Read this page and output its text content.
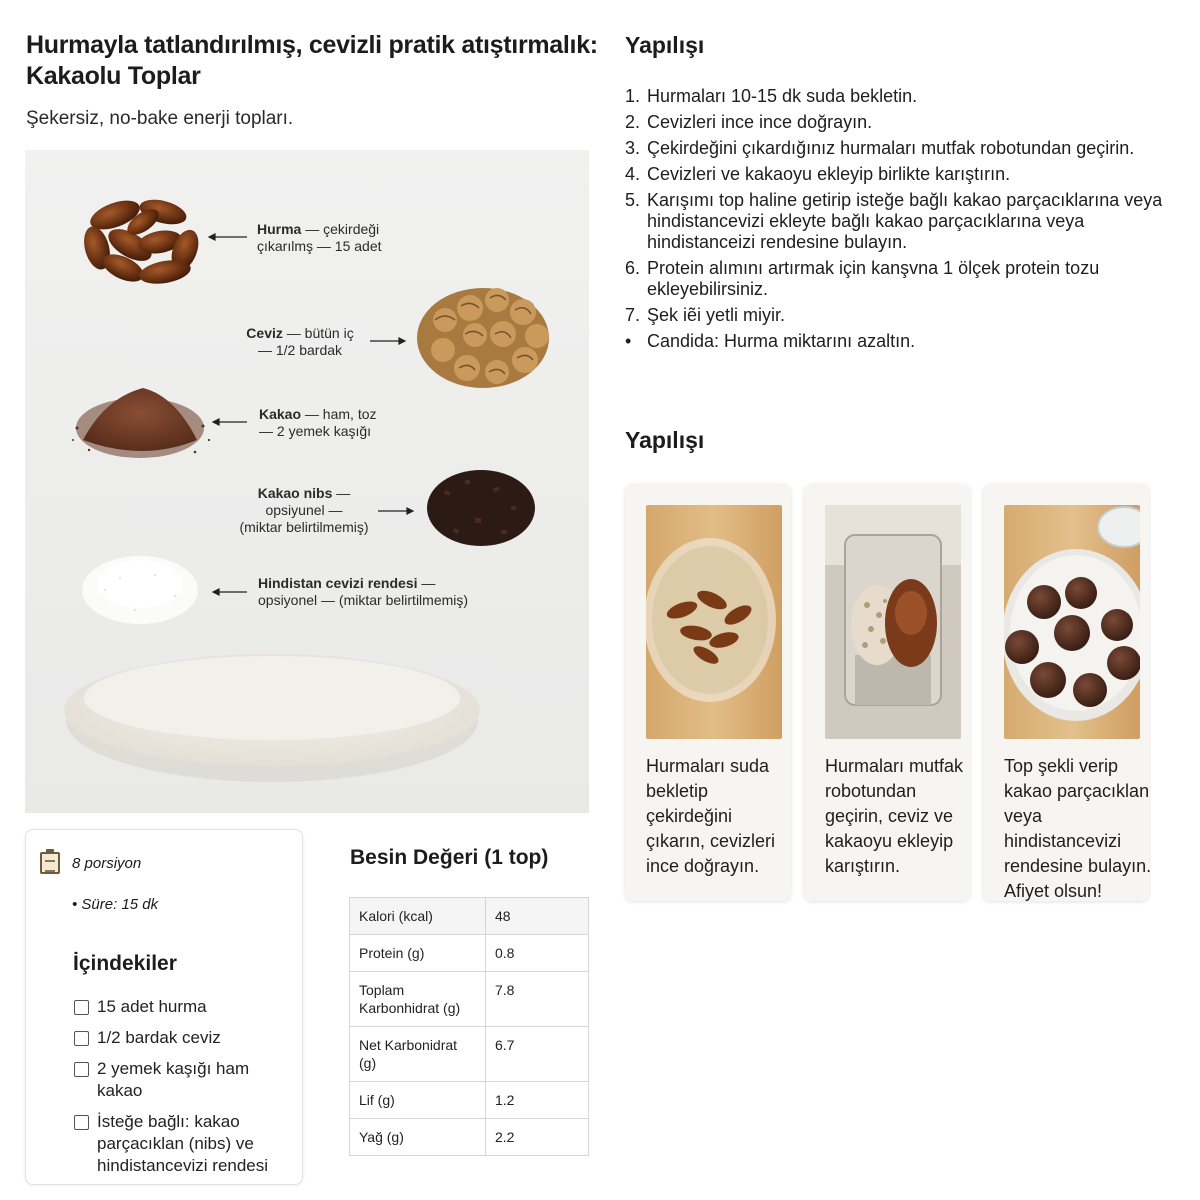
Hurmayla tatlandırılmış, cevizli pratik atıştırmalık: Kakaolu Toplar
Şekersiz, no-bake enerji topları.
Hurma — çekirdeği
çıkarılmş — 15 adet
Ceviz — bütün iç
— 1/2 bardak
Kakao — ham, toz
— 2 yemek kaşığı
Kakao nibs —
opsiyunel —
(miktar belirtilmemiş)
Hindistan cevizi rendesi —
opsiyonel — (miktar belirtilmemiş)
8 porsiyon
• Süre: 15 dk
İçindekiler
15 adet hurma
1/2 bardak ceviz
2 yemek kaşığı ham kakao
İsteğe bağlı: kakao parçacıklan (nibs) ve hindistancevizi rendesi
Besin Değeri (1 top)
Kalori (kcal)	48
Protein (g)	0.8
Toplam Karbonhidrat (g)	7.8
Net Karbonidrat (g)	6.7
Lif (g)	1.2
Yağ (g)	2.2
Yapılışı
1. Hurmaları 10-15 dk suda bekletin.
2. Cevizleri ince ince doğrayın.
3. Çekirdeğini çıkardığınız hurmaları mutfak robotundan geçirin.
4. Cevizleri ve kakaoyu ekleyip birlikte karıştırın.
5. Karışımı top haline getirip isteğe bağlı kakao parçacıklarına veya hindistancevizi ekleyte bağlı kakao parçacıklarına veya hindistanceizi rendesine bulayın.
6. Protein alımını artırmak için kanşvna 1 ölçek protein tozu ekleyebilirsiniz.
7. Şek iẽi yetli miyir.
• Candida: Hurma miktarını azaltın.
Yapılışı
Hurmaları suda bekletip çekirdeğini çıkarın, cevizleri ince doğrayın.
Hurmaları mutfak robotundan geçirin, ceviz ve kakaoyu ekleyip karıştırın.
Top şekli verip kakao parçacıklan veya hindistancevizi rendesine bulayın. Afiyet olsun!
